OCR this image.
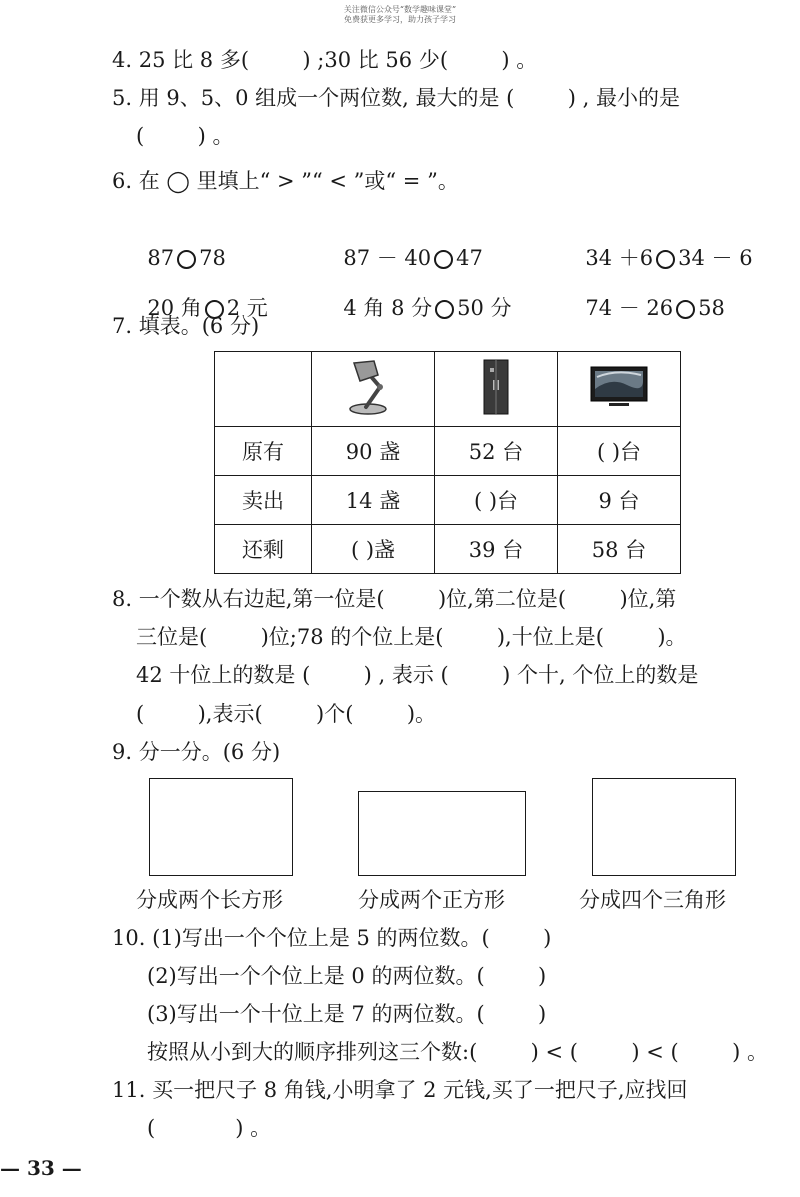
关注微信公众号“数学趣味课堂”
免费获更多学习，助力孩子学习
4. 25 比 8 多(        ) ;30 比 56 少(        ) 。
5. 用 9、5、0 组成一个两位数, 最大的是 (        ) , 最小的是
(        ) 。
6. 在 ◯ 里填上“ > ”“ < ”或“ = ”。

87 78	87 － 40 47	34 ＋6 34 － 6

20 角 2 元	4 角 8 分 50 分	74 － 26 58

7. 填表。(6 分)

原有	90 盏	52 台	( )台
卖出	14 盏	( )台	9 台
还剩	( )盏	39 台	58 台
8. 一个数从右边起,第一位是(        )位,第二位是(        )位,第
三位是(        )位;78 的个位上是(        ),十位上是(        )。
42 十位上的数是 (        ) , 表示 (        ) 个十, 个位上的数是
(        ),表示(        )个(        )。
9. 分一分。(6 分)
分成两个长方形	分成两个正方形	分成四个三角形
10. (1)写出一个个位上是 5 的两位数。(        )
(2)写出一个个位上是 0 的两位数。(        )
(3)写出一个十位上是 7 的两位数。(        )
按照从小到大的顺序排列这三个数:(        ) < (        ) < (        ) 。
11. 买一把尺子 8 角钱,小明拿了 2 元钱,买了一把尺子,应找回
(            ) 。
— 33 —
